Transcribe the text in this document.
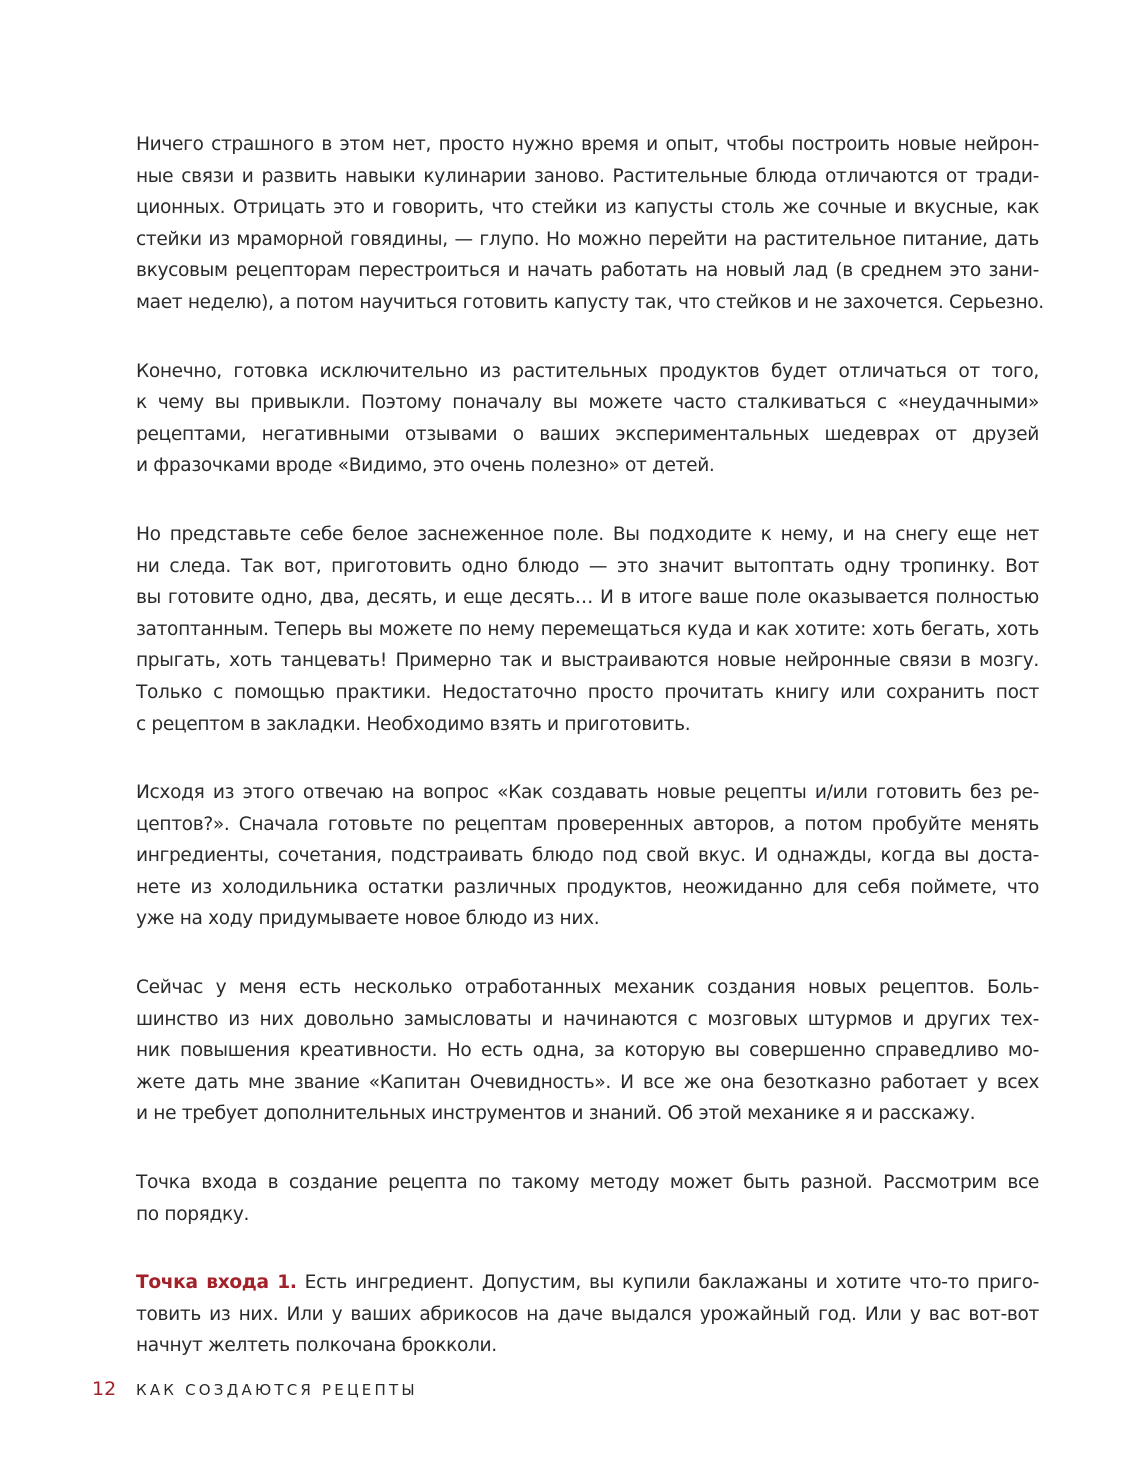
Ничего страшного в этом нет, просто нужно время и опыт, чтобы построить новые нейрон-
ные связи и развить навыки кулинарии заново. Растительные блюда отличаются от тради-
ционных. Отрицать это и говорить, что стейки из капусты столь же сочные и вкусные, как
стейки из мраморной говядины, — глупо. Но можно перейти на растительное питание, дать
вкусовым рецепторам перестроиться и начать работать на новый лад (в среднем это зани-
мает неделю), а потом научиться готовить капусту так, что стейков и не захочется. Серьезно.

Конечно, готовка исключительно из растительных продуктов будет отличаться от того,
к чему вы привыкли. Поэтому поначалу вы можете часто сталкиваться с «неудачными»
рецептами, негативными отзывами о ваших экспериментальных шедеврах от друзей
и фразочками вроде «Видимо, это очень полезно» от детей.

Но представьте себе белое заснеженное поле. Вы подходите к нему, и на снегу еще нет
ни следа. Так вот, приготовить одно блюдо — это значит вытоптать одну тропинку. Вот
вы готовите одно, два, десять, и еще десять… И в итоге ваше поле оказывается полностью
затоптанным. Теперь вы можете по нему перемещаться куда и как хотите: хоть бегать, хоть
прыгать, хоть танцевать! Примерно так и выстраиваются новые нейронные связи в мозгу.
Только с помощью практики. Недостаточно просто прочитать книгу или сохранить пост
с рецептом в закладки. Необходимо взять и приготовить.

Исходя из этого отвечаю на вопрос «Как создавать новые рецепты и/или готовить без ре-
цептов?». Сначала готовьте по рецептам проверенных авторов, а потом пробуйте менять
ингредиенты, сочетания, подстраивать блюдо под свой вкус. И однажды, когда вы доста-
нете из холодильника остатки различных продуктов, неожиданно для себя поймете, что
уже на ходу придумываете новое блюдо из них.

Сейчас у меня есть несколько отработанных механик создания новых рецептов. Боль-
шинство из них довольно замысловаты и начинаются с мозговых штурмов и других тех-
ник повышения креативности. Но есть одна, за которую вы совершенно справедливо мо-
жете дать мне звание «Капитан Очевидность». И все же она безотказно работает у всех
и не требует дополнительных инструментов и знаний. Об этой механике я и расскажу.

Точка входа в создание рецепта по такому методу может быть разной. Рассмотрим все
по порядку.

Точка входа 1. Есть ингредиент. Допустим, вы купили баклажаны и хотите что-то приго-
товить из них. Или у ваших абрикосов на даче выдался урожайный год. Или у вас вот-вот
начнут желтеть полкочана брокколи.

12	КАК СОЗДАЮТСЯ РЕЦЕПТЫ
